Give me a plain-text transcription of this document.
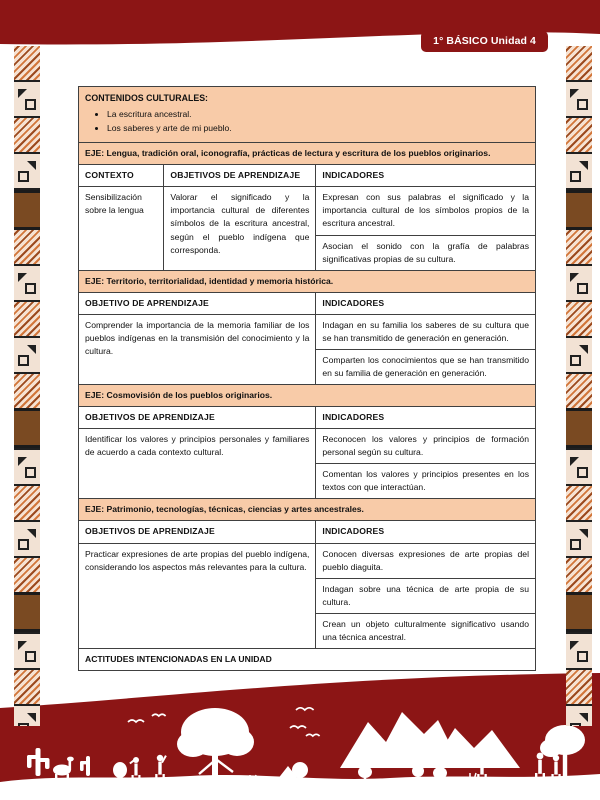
1° BÁSICO Unidad 4
CONTENIDOS CULTURALES:
• La escritura ancestral.
• Los saberes y arte de mi pueblo.

EJE: Lengua, tradición oral, iconografía, prácticas de lectura y escritura de los pueblos originarios.		
CONTEXTO	OBJETIVOS DE APRENDIZAJE	INDICADORES
Sensibilización sobre la lengua	Valorar el significado y la importancia cultural de diferentes símbolos de la escritura ancestral, según el pueblo indígena que corresponda.	Expresan con sus palabras el significado y la importancia cultural de los símbolos propios de la escritura ancestral.
		Asocian el sonido con la grafía de palabras significativas propias de su cultura.
EJE: Territorio, territorialidad, identidad y memoria histórica.		
OBJETIVO DE APRENDIZAJE		INDICADORES
Comprender la importancia de la memoria familiar de los pueblos indígenas en la transmisión del conocimiento y la cultura.		Indagan en su familia los saberes de su cultura que se han transmitido de generación en generación.
		Comparten los conocimientos que se han transmitido en su familia de generación en generación.
EJE: Cosmovisión de los pueblos originarios.		
OBJETIVOS DE APRENDIZAJE		INDICADORES
Identificar los valores y principios personales y familiares de acuerdo a cada contexto cultural.		Reconocen los valores y principios de formación personal según su cultura.
		Comentan los valores y principios presentes en los textos con que interactúan.
EJE: Patrimonio, tecnologías, técnicas, ciencias y artes ancestrales.		
OBJETIVOS DE APRENDIZAJE		INDICADORES
Practicar expresiones de arte propias del pueblo indígena, considerando los aspectos más relevantes para la cultura.		Conocen diversas expresiones de arte propias del pueblo diaguita.
		Indagan sobre una técnica de arte propia de su cultura.
		Crean un objeto culturalmente significativo usando una técnica ancestral.
ACTITUDES INTENCIONADAS EN LA UNIDAD		
